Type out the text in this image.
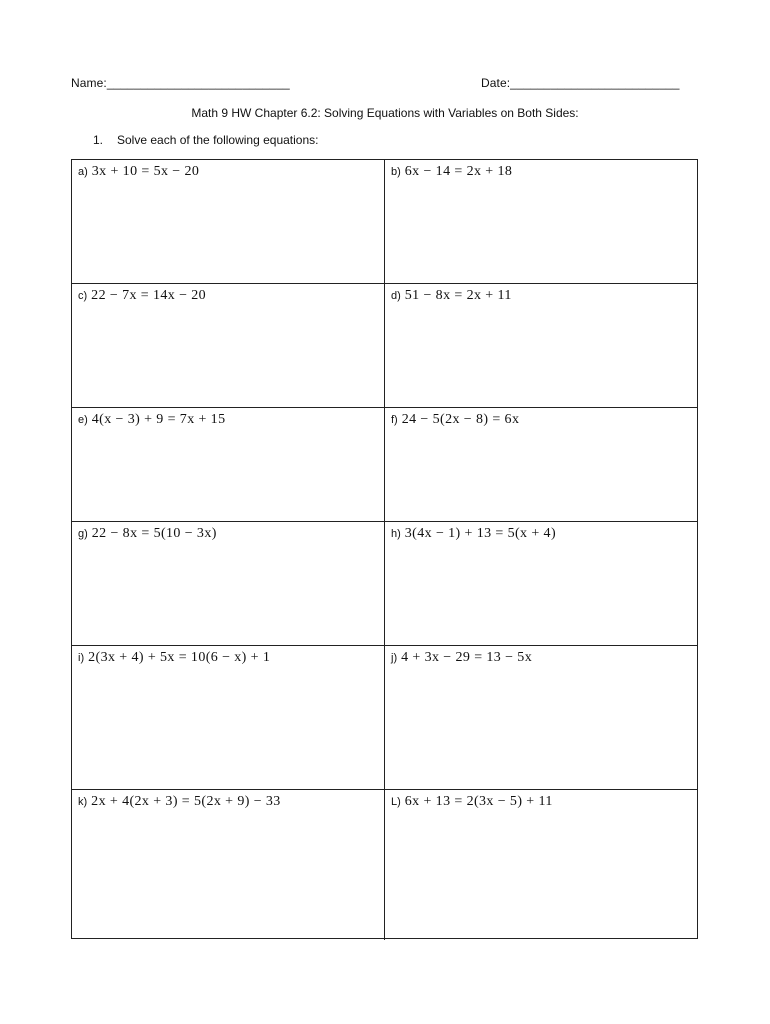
Name:___________________________	Date:_________________________
Math 9 HW Chapter 6.2: Solving Equations with Variables on Both Sides:
1. Solve each of the following equations:
a) 3x + 10 = 5x − 20	b) 6x − 14 = 2x + 18
c) 22 − 7x = 14x − 20	d) 51 − 8x = 2x + 11
e) 4(x − 3) + 9 = 7x + 15	f) 24 − 5(2x − 8) = 6x
g) 22 − 8x = 5(10 − 3x)	h) 3(4x − 1) + 13 = 5(x + 4)
i) 2(3x + 4) + 5x = 10(6 − x) + 1	j) 4 + 3x − 29 = 13 − 5x
k) 2x + 4(2x + 3) = 5(2x + 9) − 33	L) 6x + 13 = 2(3x − 5) + 11
